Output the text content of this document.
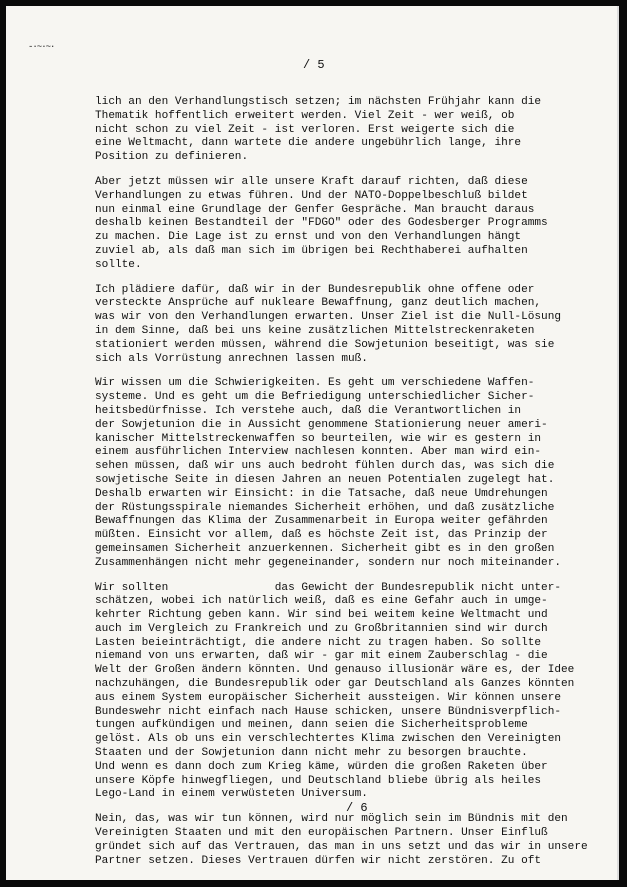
-·~·~·
/ 5

lich an den Verhandlungstisch setzen; im nächsten Frühjahr kann die
Thematik hoffentlich erweitert werden. Viel Zeit - wer weiß, ob
nicht schon zu viel Zeit - ist verloren. Erst weigerte sich die
eine Weltmacht, dann wartete die andere ungebührlich lange, ihre
Position zu definieren.

Aber jetzt müssen wir alle unsere Kraft darauf richten, daß diese
Verhandlungen zu etwas führen. Und der NATO-Doppelbeschluß bildet
nun einmal eine Grundlage der Genfer Gespräche. Man braucht daraus
deshalb keinen Bestandteil der "FDGO" oder des Godesberger Programms
zu machen. Die Lage ist zu ernst und von den Verhandlungen hängt
zuviel ab, als daß man sich im übrigen bei Rechthaberei aufhalten
sollte.

Ich plädiere dafür, daß wir in der Bundesrepublik ohne offene oder
versteckte Ansprüche auf nukleare Bewaffnung, ganz deutlich machen,
was wir von den Verhandlungen erwarten. Unser Ziel ist die Null-Lösung
in dem Sinne, daß bei uns keine zusätzlichen Mittelstreckenraketen
stationiert werden müssen, während die Sowjetunion beseitigt, was sie
sich als Vorrüstung anrechnen lassen muß.

Wir wissen um die Schwierigkeiten. Es geht um verschiedene Waffen-
systeme. Und es geht um die Befriedigung unterschiedlicher Sicher-
heitsbedürfnisse. Ich verstehe auch, daß die Verantwortlichen in
der Sowjetunion die in Aussicht genommene Stationierung neuer ameri-
kanischer Mittelstreckenwaffen so beurteilen, wie wir es gestern in
einem ausführlichen Interview nachlesen konnten. Aber man wird ein-
sehen müssen, daß wir uns auch bedroht fühlen durch das, was sich die
sowjetische Seite in diesen Jahren an neuen Potentialen zugelegt hat.
Deshalb erwarten wir Einsicht: in die Tatsache, daß neue Umdrehungen
der Rüstungsspirale niemandes Sicherheit erhöhen, und daß zusätzliche
Bewaffnungen das Klima der Zusammenarbeit in Europa weiter gefährden
müßten. Einsicht vor allem, daß es höchste Zeit ist, das Prinzip der
gemeinsamen Sicherheit anzuerkennen. Sicherheit gibt es in den großen
Zusammenhängen nicht mehr gegeneinander, sondern nur noch miteinander.

Wir sollten                das Gewicht der Bundesrepublik nicht unter-
schätzen, wobei ich natürlich weiß, daß es eine Gefahr auch in umge-
kehrter Richtung geben kann. Wir sind bei weitem keine Weltmacht und
auch im Vergleich zu Frankreich und zu Großbritannien sind wir durch
Lasten beieinträchtigt, die andere nicht zu tragen haben. So sollte
niemand von uns erwarten, daß wir - gar mit einem Zauberschlag - die
Welt der Großen ändern könnten. Und genauso illusionär wäre es, der Idee
nachzuhängen, die Bundesrepublik oder gar Deutschland als Ganzes könnten
aus einem System europäischer Sicherheit aussteigen. Wir können unsere
Bundeswehr nicht einfach nach Hause schicken, unsere Bündnisverpflich-
tungen aufkündigen und meinen, dann seien die Sicherheitsprobleme
gelöst. Als ob uns ein verschlechtertes Klima zwischen den Vereinigten
Staaten und der Sowjetunion dann nicht mehr zu besorgen brauchte.
Und wenn es dann doch zum Krieg käme, würden die großen Raketen über
unsere Köpfe hinwegfliegen, und Deutschland bliebe übrig als heiles
Lego-Land in einem verwüsteten Universum.

Nein, das, was wir tun können, wird nur möglich sein im Bündnis mit den
Vereinigten Staaten und mit den europäischen Partnern. Unser Einfluß
gründet sich auf das Vertrauen, das man in uns setzt und das wir in unsere
Partner setzen. Dieses Vertrauen dürfen wir nicht zerstören. Zu oft

/ 6
